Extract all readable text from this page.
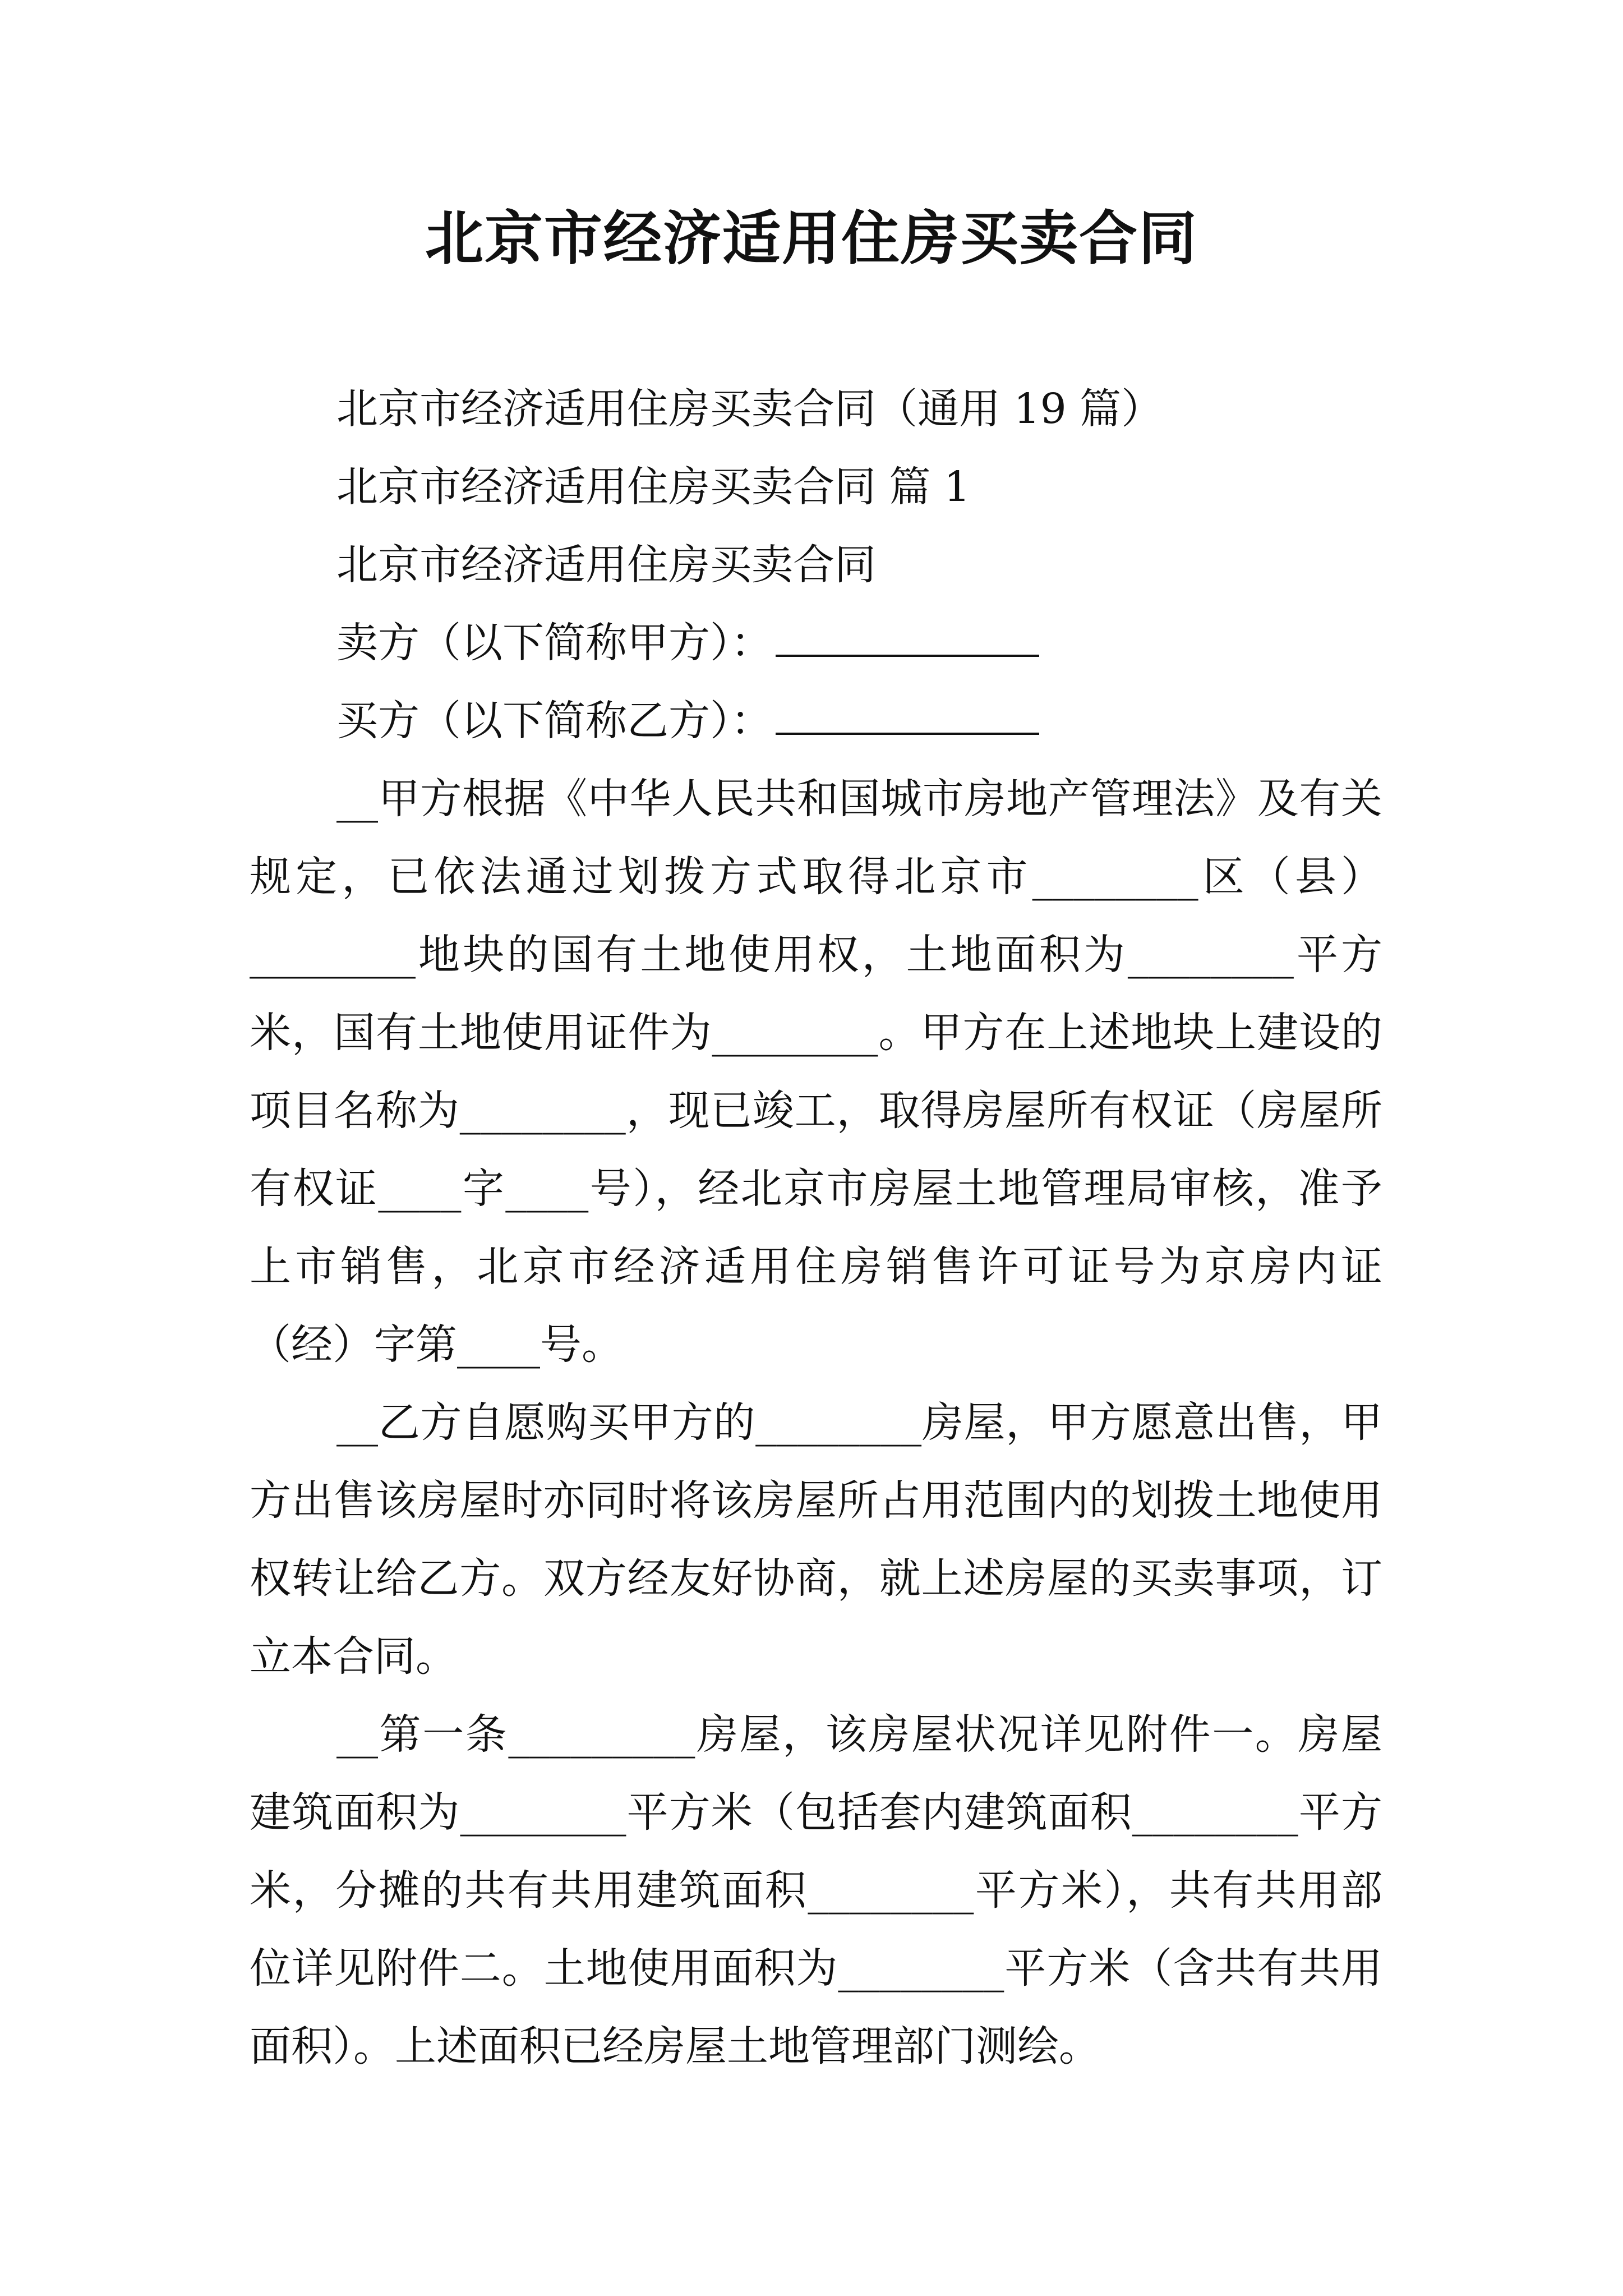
北京市经济适用住房买卖合同

北京市经济适用住房买卖合同（通用 19 篇）

北京市经济适用住房买卖合同 篇 1

北京市经济适用住房买卖合同

卖方（以下简称甲方）：

买方（以下简称乙方）：

__甲方根据《中华人民共和国城市房地产管理法》及有关规定，已依法通过划拨方式取得北京市________区（县）________地块的国有土地使用权，土地面积为________平方米，国有土地使用证件为________。甲方在上述地块上建设的项目名称为________，现已竣工，取得房屋所有权证（房屋所有权证____字____号），经北京市房屋土地管理局审核，准予上市销售，北京市经济适用住房销售许可证号为京房内证（经）字第____号。

__乙方自愿购买甲方的________房屋，甲方愿意出售，甲方出售该房屋时亦同时将该房屋所占用范围内的划拨土地使用权转让给乙方。双方经友好协商，就上述房屋的买卖事项，订立本合同。

__第一条_________房屋，该房屋状况详见附件一。房屋建筑面积为________平方米（包括套内建筑面积________平方米，分摊的共有共用建筑面积________平方米），共有共用部位详见附件二。土地使用面积为________平方米（含共有共用面积）。上述面积已经房屋土地管理部门测绘。
